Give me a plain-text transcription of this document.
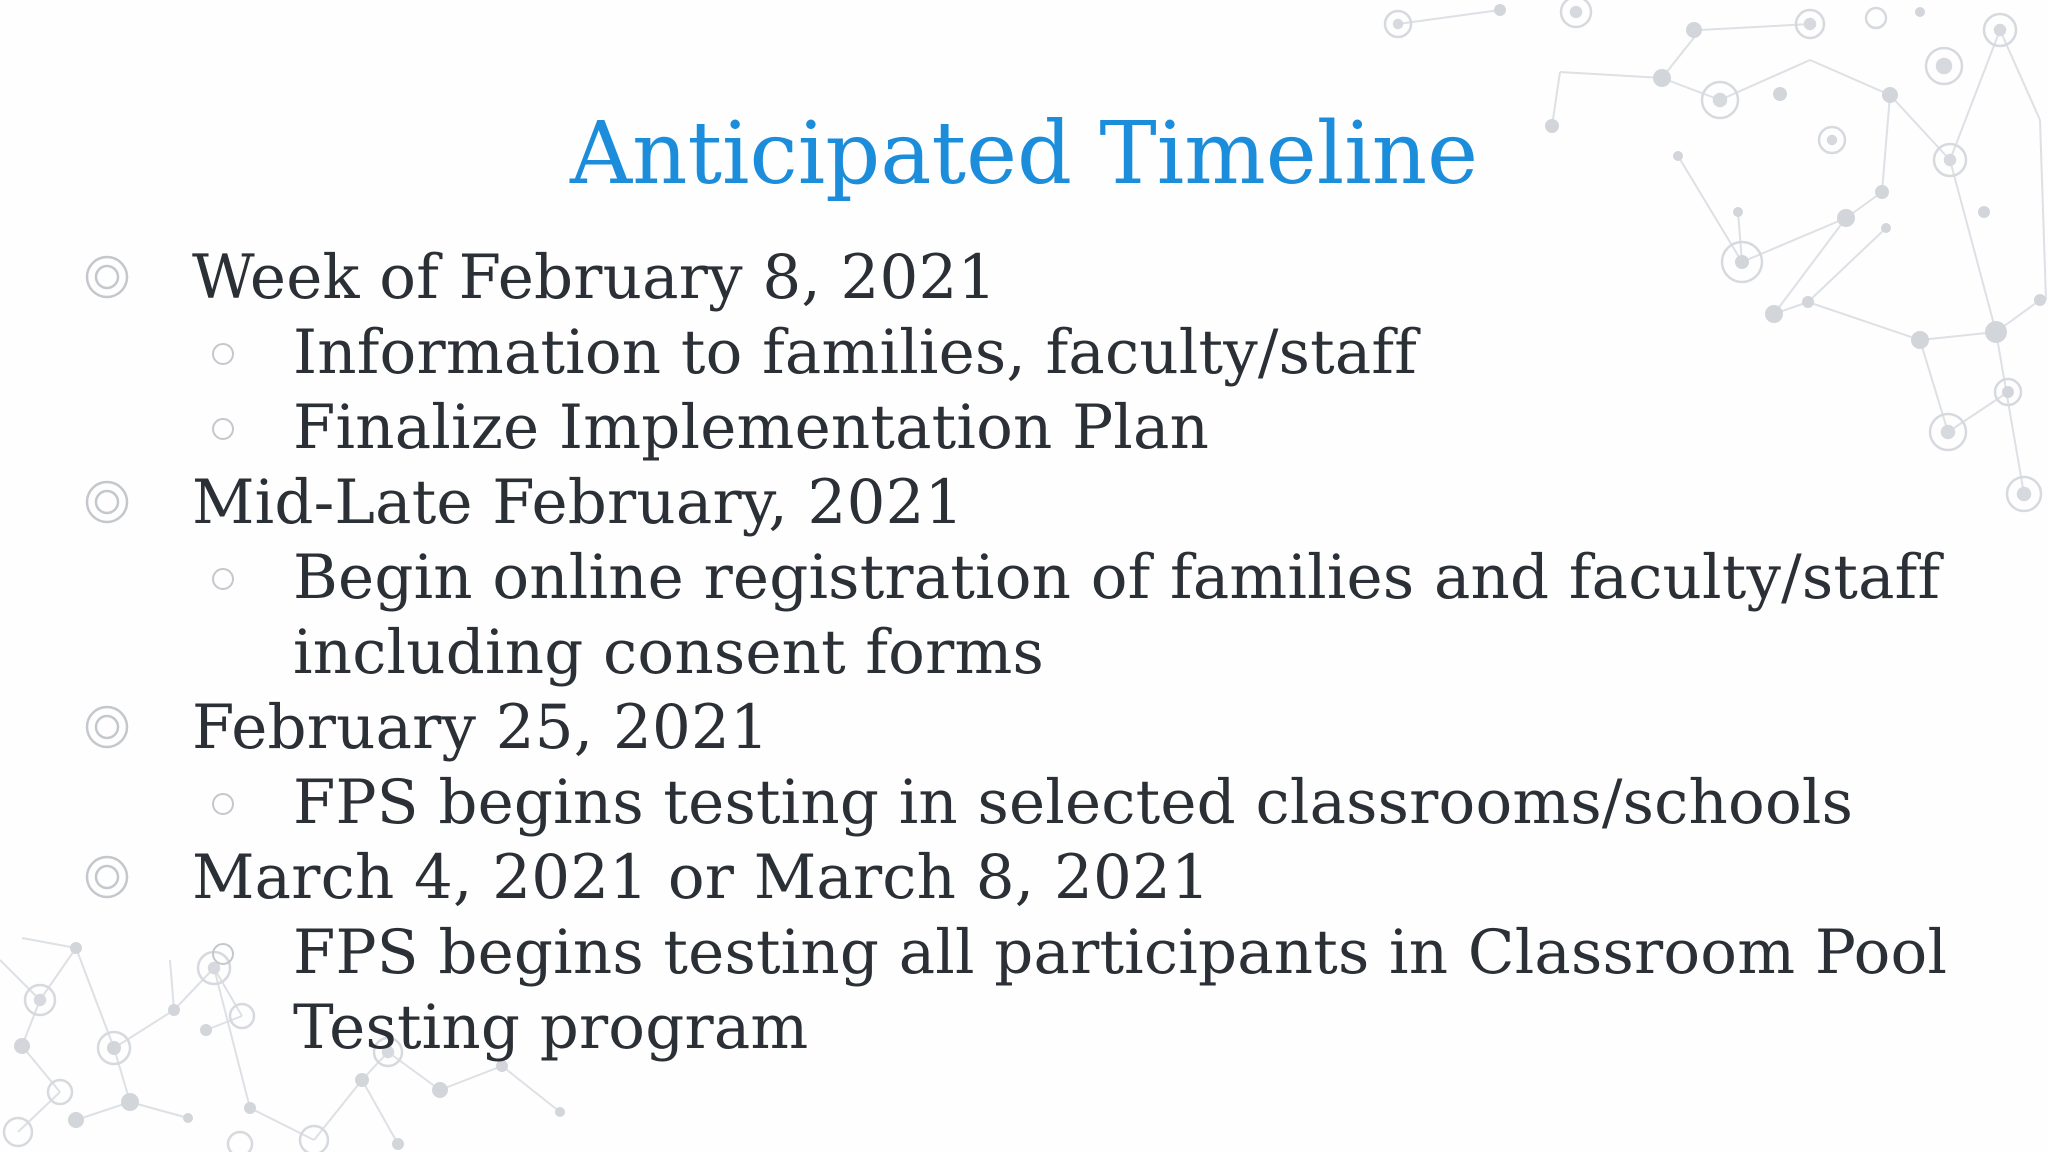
Anticipated Timeline
Week of February 8, 2021
Information to families, faculty/staff
Finalize Implementation Plan
Mid-Late February, 2021
Begin online registration of families and faculty/staff
including consent forms
February 25, 2021
FPS begins testing in selected classrooms/schools
March 4, 2021 or March 8, 2021
FPS begins testing all participants in Classroom Pool
Testing program
